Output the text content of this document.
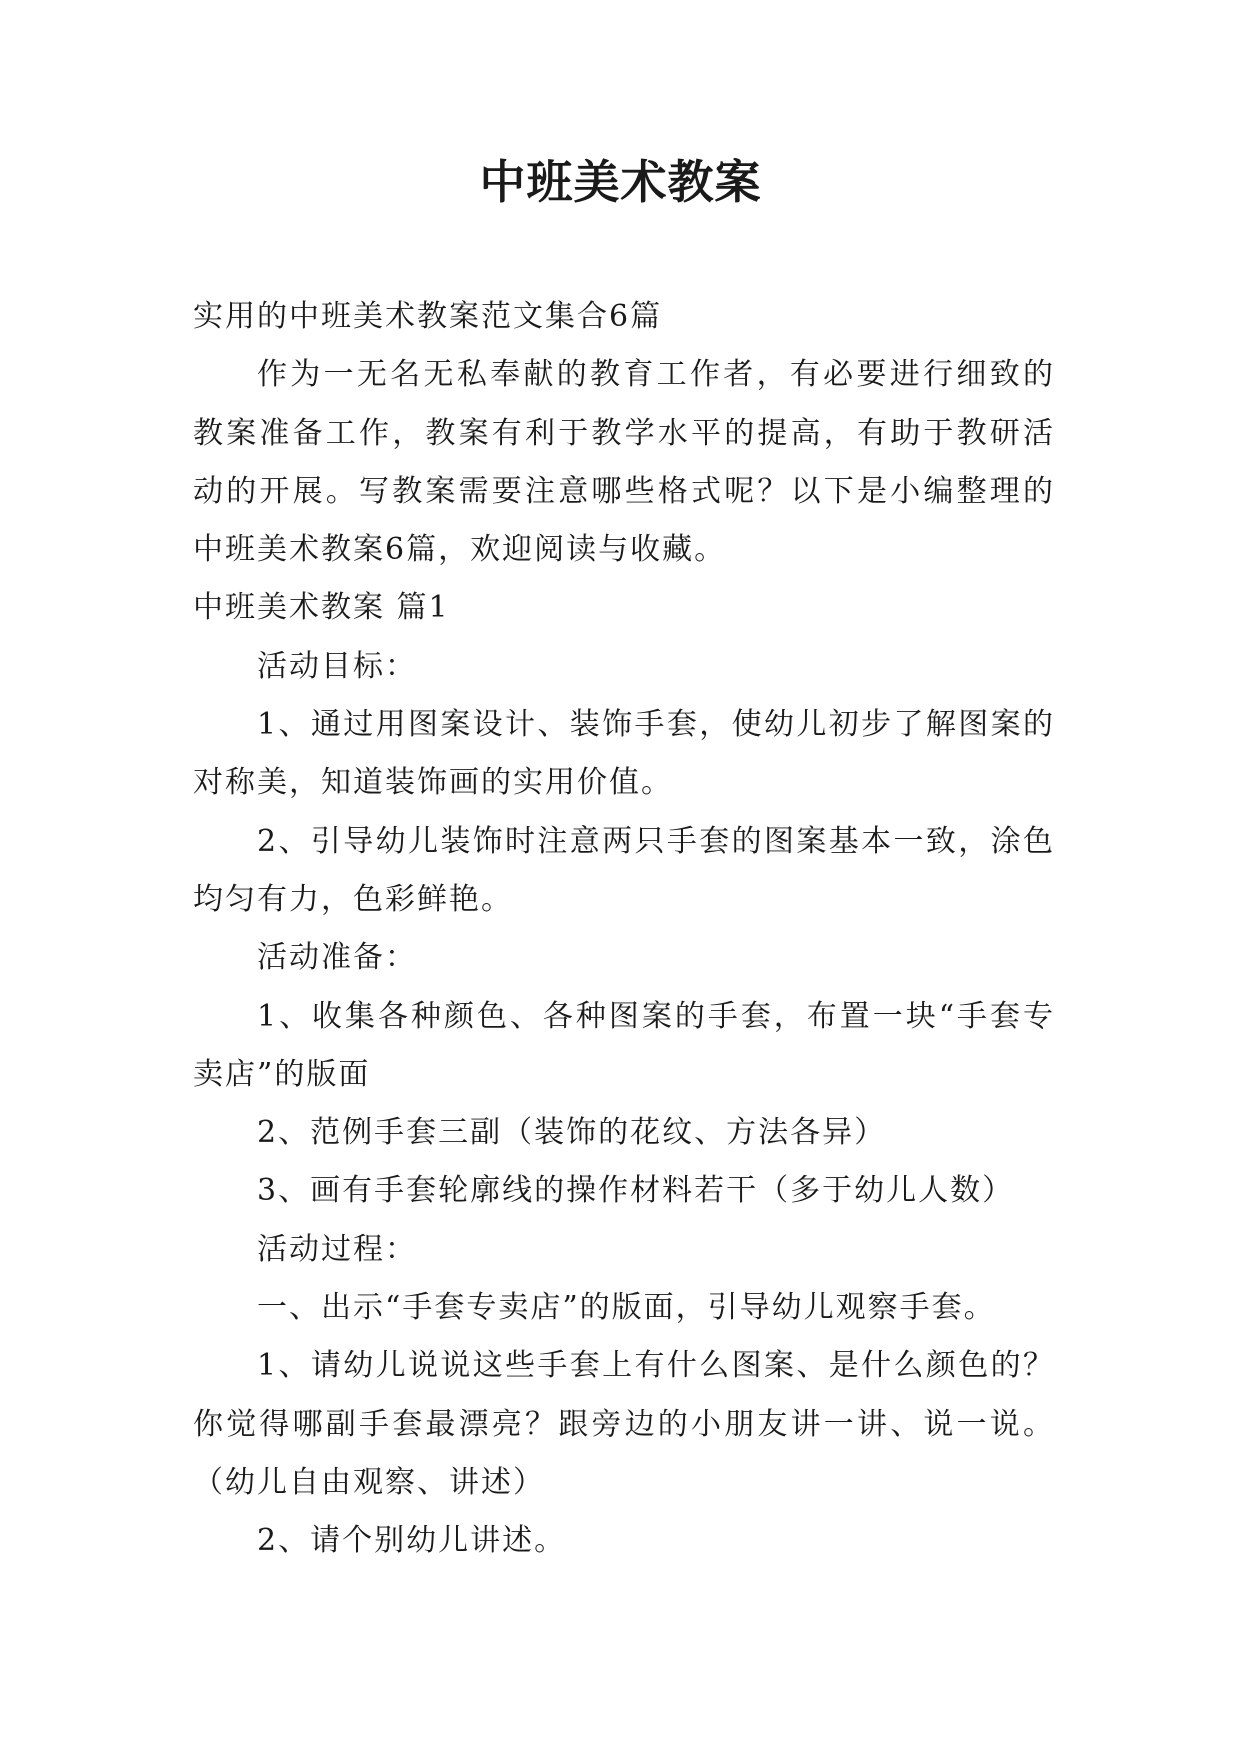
中班美术教案

实用的中班美术教案范文集合6篇

作为一无名无私奉献的教育工作者，有必要进行细致的教案准备工作，教案有利于教学水平的提高，有助于教研活动的开展。写教案需要注意哪些格式呢？以下是小编整理的中班美术教案6篇，欢迎阅读与收藏。

中班美术教案 篇1

活动目标：

1、通过用图案设计、装饰手套，使幼儿初步了解图案的对称美，知道装饰画的实用价值。

2、引导幼儿装饰时注意两只手套的图案基本一致，涂色均匀有力，色彩鲜艳。

活动准备：

1、收集各种颜色、各种图案的手套，布置一块“手套专卖店”的版面

2、范例手套三副（装饰的花纹、方法各异）

3、画有手套轮廓线的操作材料若干（多于幼儿人数）

活动过程：

一、出示“手套专卖店”的版面，引导幼儿观察手套。

1、请幼儿说说这些手套上有什么图案、是什么颜色的？你觉得哪副手套最漂亮？跟旁边的小朋友讲一讲、说一说。（幼儿自由观察、讲述）

2、请个别幼儿讲述。
